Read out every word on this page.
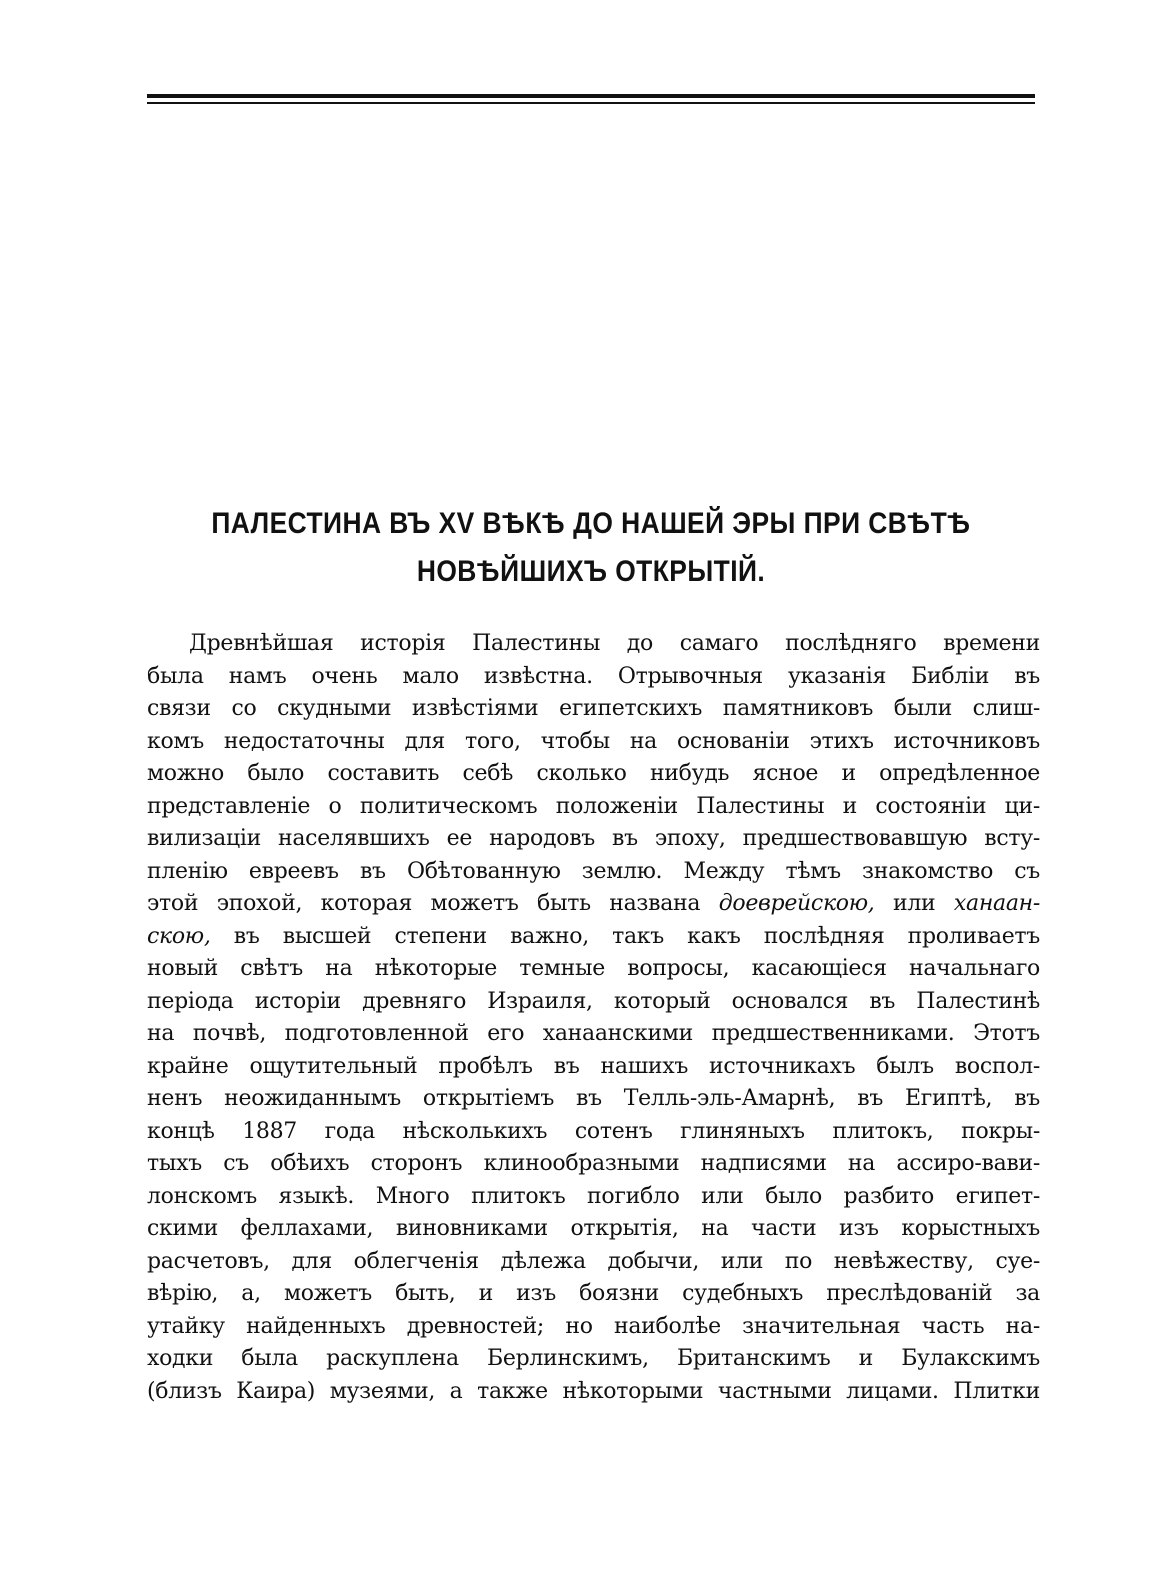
ПАЛЕСТИНА ВЪ XV ВѢКѢ ДО НАШЕЙ ЭРЫ ПРИ СВѢТѢ
НОВѢЙШИХЪ ОТКРЫТІЙ.
Древнѣйшая исторія Палестины до самаго послѣдняго времени
была намъ очень мало извѣстна. Отрывочныя указанія Библіи въ
связи со скудными извѣстіями египетскихъ памятниковъ были слиш-
комъ недостаточны для того, чтобы на основаніи этихъ источниковъ
можно было составить себѣ сколько нибудь ясное и опредѣленное
представленіе о политическомъ положеніи Палестины и состояніи ци-
вилизаціи населявшихъ ее народовъ въ эпоху, предшествовавшую всту-
пленію евреевъ въ Обѣтованную землю. Между тѣмъ знакомство съ
этой эпохой, которая можетъ быть названа доеврейскою, или ханаан-
скою, въ высшей степени важно, такъ какъ послѣдняя проливаетъ
новый свѣтъ на нѣкоторые темные вопросы, касающіеся начальнаго
періода исторіи древняго Израиля, который основался въ Палестинѣ
на почвѣ, подготовленной его ханаанскими предшественниками. Этотъ
крайне ощутительный пробѣлъ въ нашихъ источникахъ былъ воспол-
ненъ неожиданнымъ открытіемъ въ Телль-эль-Амарнѣ, въ Египтѣ, въ
концѣ 1887 года нѣсколькихъ сотенъ глиняныхъ плитокъ, покры-
тыхъ съ обѣихъ сторонъ клинообразными надписями на ассиро-вави-
лонскомъ языкѣ. Много плитокъ погибло или было разбито египет-
скими феллахами, виновниками открытія, на части изъ корыстныхъ
расчетовъ, для облегченія дѣлежа добычи, или по невѣжеству, суе-
вѣрію, а, можетъ быть, и изъ боязни судебныхъ преслѣдованій за
утайку найденныхъ древностей; но наиболѣе значительная часть на-
ходки была раскуплена Берлинскимъ, Британскимъ и Булакскимъ
(близъ Каира) музеями, а также нѣкоторыми частными лицами. Плитки
